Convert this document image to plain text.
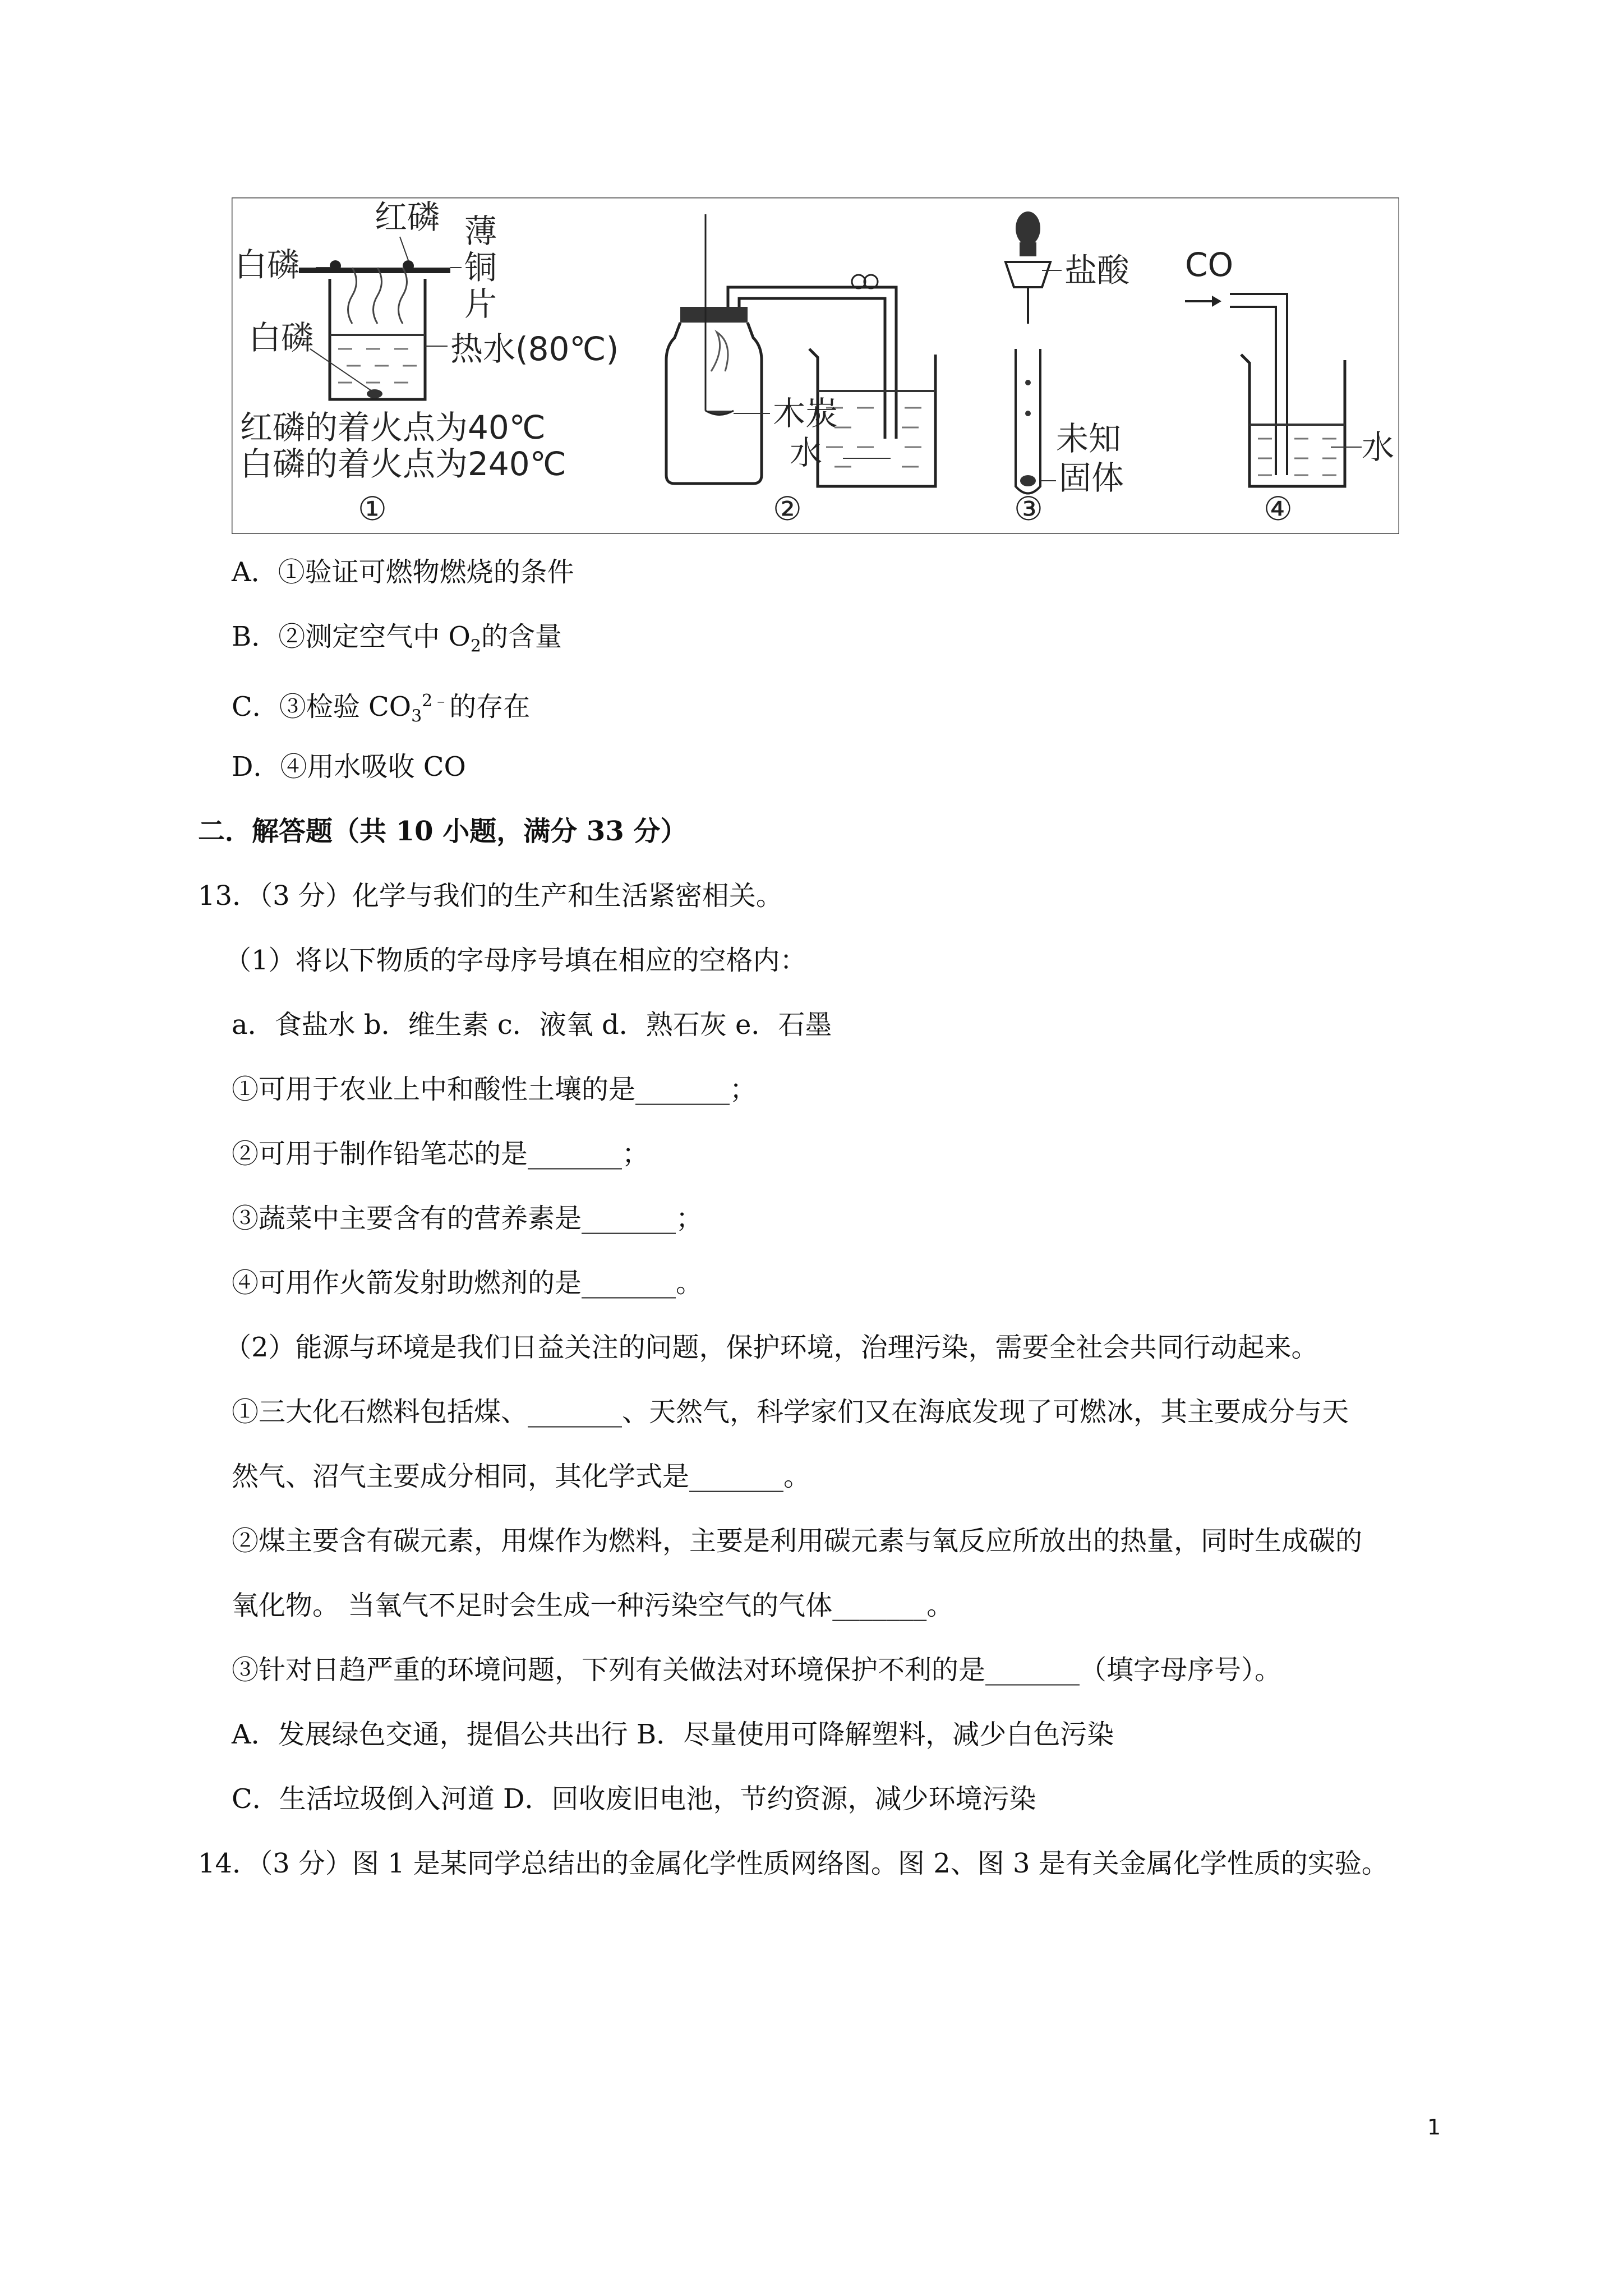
红磷
白磷
薄
铜
片
白磷	热水(80℃)
红磷的着火点为40℃
白磷的着火点为240℃
①
木炭
水
②
盐酸
未知
固体
③
CO
水
④
A．①验证可燃物燃烧的条件
B．②测定空气中 $O_2$的含量
C．③检验 $CO_3^{2﹣}$的存在
D．④用水吸收 CO
二．解答题（共 10 小题，满分 33 分）
13．（3 分）化学与我们的生产和生活紧密相关。
（1）将以下物质的字母序号填在相应的空格内：
a．食盐水 b．维生素 c．液氧 d．熟石灰 e．石墨
①可用于农业上中和酸性土壤的是_______；
②可用于制作铅笔芯的是_______；
③蔬菜中主要含有的营养素是_______；
④可用作火箭发射助燃剂的是_______。
（2）能源与环境是我们日益关注的问题，保护环境，治理污染，需要全社会共同行动起来。
①三大化石燃料包括煤、_______、天然气，科学家们又在海底发现了可燃冰，其主要成分与天
然气、沼气主要成分相同，其化学式是_______。
②煤主要含有碳元素，用煤作为燃料，主要是利用碳元素与氧反应所放出的热量，同时生成碳的
氧化物。 当氧气不足时会生成一种污染空气的气体_______。
③针对日趋严重的环境问题，下列有关做法对环境保护不利的是_______（填字母序号）。
A．发展绿色交通，提倡公共出行 B．尽量使用可降解塑料，减少白色污染
C．生活垃圾倒入河道 D．回收废旧电池，节约资源，减少环境污染
14．（3 分）图 1 是某同学总结出的金属化学性质网络图。图 2、图 3 是有关金属化学性质的实验。
1
